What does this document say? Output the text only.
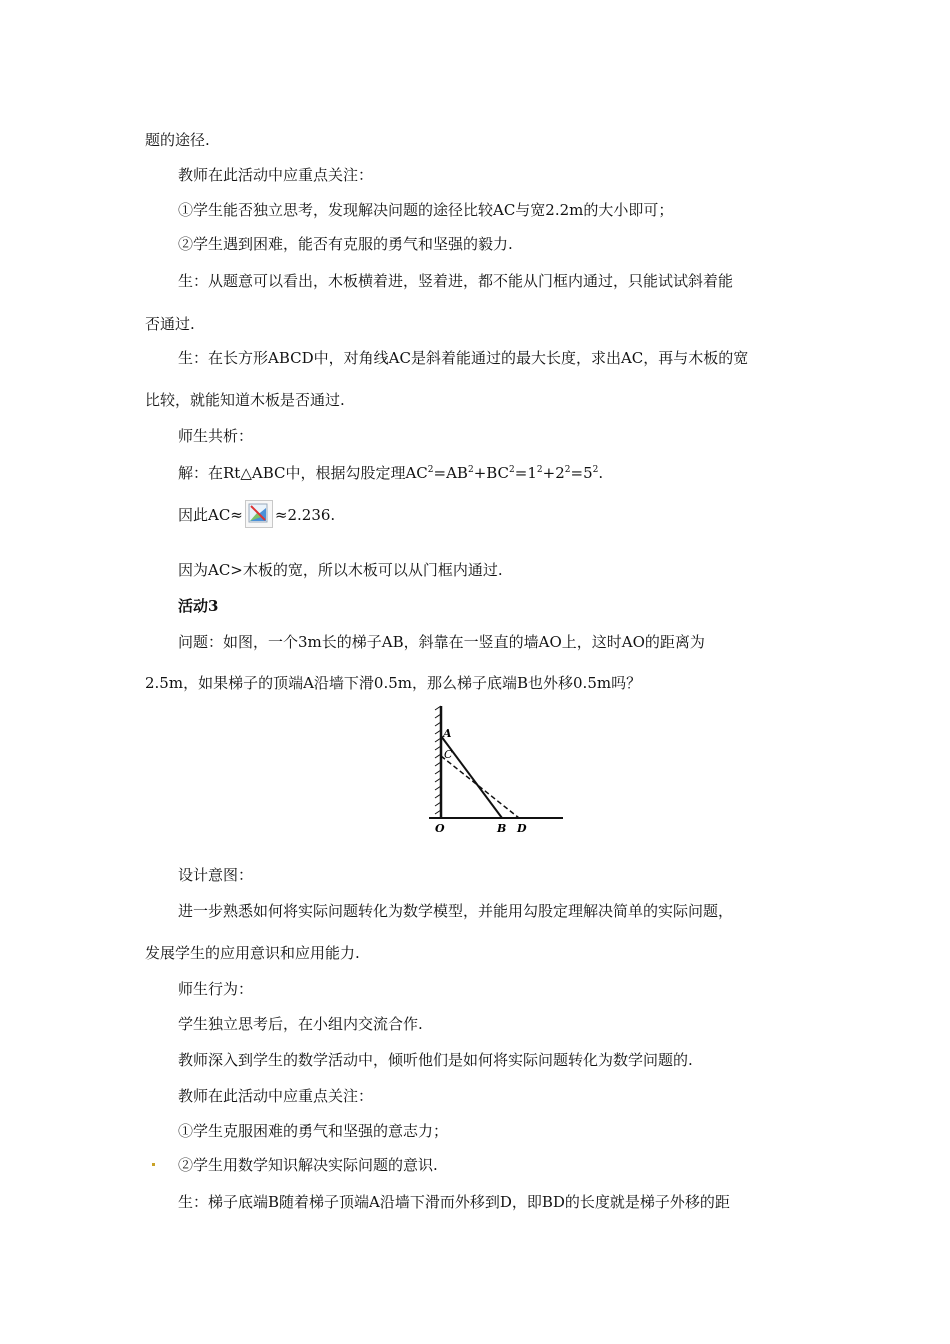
题的途径.
教师在此活动中应重点关注：
①学生能否独立思考，发现解决问题的途径比较AC与宽2.2m的大小即可；
②学生遇到困难，能否有克服的勇气和坚强的毅力.
生：从题意可以看出，木板横着进，竖着进，都不能从门框内通过，只能试试斜着能
否通过.
生：在长方形ABCD中，对角线AC是斜着能通过的最大长度，求出AC，再与木板的宽
比较，就能知道木板是否通过.
师生共析：
解：在Rt△ABC中，根据勾股定理$AC^2=AB^2+BC^2=1^2+2^2=5^2$.
因此AC≈ ≈2.236.
因为AC>木板的宽，所以木板可以从门框内通过.
活动3
问题：如图，一个3m长的梯子AB，斜靠在一竖直的墙AO上，这时AO的距离为
2.5m，如果梯子的顶端A沿墙下滑0.5m，那么梯子底端B也外移0.5m吗？
A
C
O	B D
设计意图：
进一步熟悉如何将实际问题转化为数学模型，并能用勾股定理解决简单的实际问题，
发展学生的应用意识和应用能力.
师生行为：
学生独立思考后，在小组内交流合作.
教师深入到学生的数学活动中，倾听他们是如何将实际问题转化为数学问题的.
教师在此活动中应重点关注：
①学生克服困难的勇气和坚强的意志力；
②学生用数学知识解决实际问题的意识.
生：梯子底端B随着梯子顶端A沿墙下滑而外移到D，即BD的长度就是梯子外移的距
